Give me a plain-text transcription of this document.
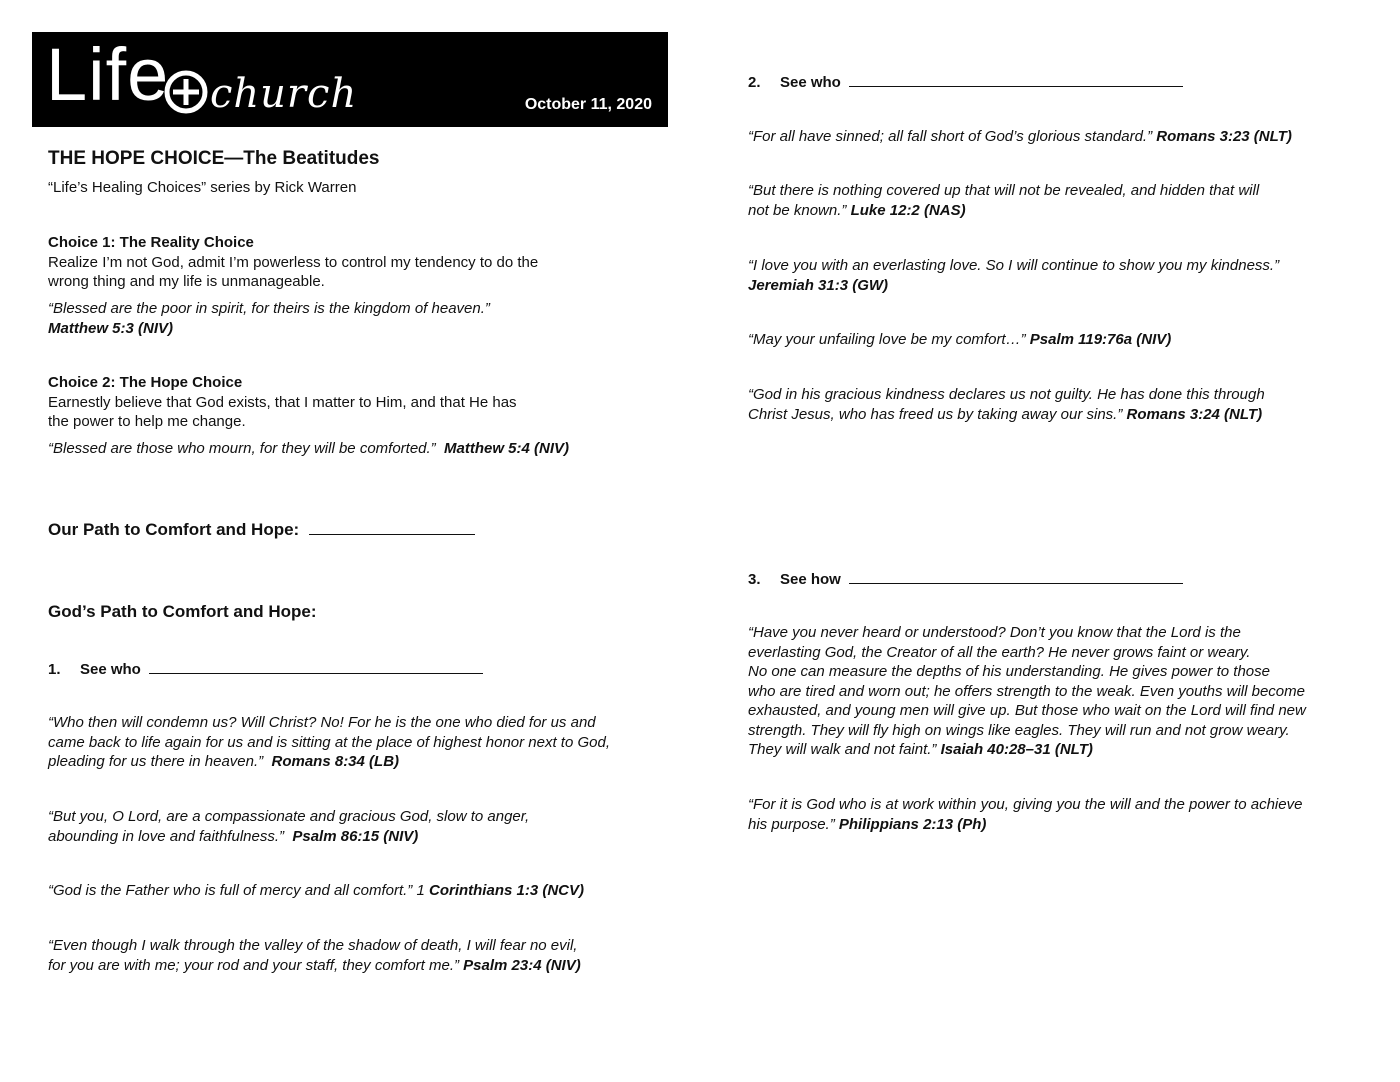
Life church	October 11, 2020
THE HOPE CHOICE—The Beatitudes
“Life’s Healing Choices” series by Rick Warren
Choice 1: The Reality Choice
Realize I’m not God, admit I’m powerless to control my tendency to do the
wrong thing and my life is unmanageable.
“Blessed are the poor in spirit, for theirs is the kingdom of heaven.”
Matthew 5:3 (NIV)
Choice 2: The Hope Choice
Earnestly believe that God exists, that I matter to Him, and that He has
the power to help me change.
“Blessed are those who mourn, for they will be comforted.” Matthew 5:4 (NIV)
Our Path to Comfort and Hope:
God’s Path to Comfort and Hope:
1. See who
“Who then will condemn us? Will Christ? No! For he is the one who died for us and
came back to life again for us and is sitting at the place of highest honor next to God,
pleading for us there in heaven.” Romans 8:34 (LB)
“But you, O Lord, are a compassionate and gracious God, slow to anger,
abounding in love and faithfulness.” Psalm 86:15 (NIV)
“God is the Father who is full of mercy and all comfort.” 1 Corinthians 1:3 (NCV)
“Even though I walk through the valley of the shadow of death, I will fear no evil,
for you are with me; your rod and your staff, they comfort me.” Psalm 23:4 (NIV)
2. See who
“For all have sinned; all fall short of God’s glorious standard.” Romans 3:23 (NLT)
“But there is nothing covered up that will not be revealed, and hidden that will
not be known.” Luke 12:2 (NAS)
“I love you with an everlasting love. So I will continue to show you my kindness.”
Jeremiah 31:3 (GW)
“May your unfailing love be my comfort…” Psalm 119:76a (NIV)
“God in his gracious kindness declares us not guilty. He has done this through
Christ Jesus, who has freed us by taking away our sins.” Romans 3:24 (NLT)
3. See how
“Have you never heard or understood? Don’t you know that the Lord is the
everlasting God, the Creator of all the earth? He never grows faint or weary.
No one can measure the depths of his understanding. He gives power to those
who are tired and worn out; he offers strength to the weak. Even youths will become
exhausted, and young men will give up. But those who wait on the Lord will find new
strength. They will fly high on wings like eagles. They will run and not grow weary.
They will walk and not faint.” Isaiah 40:28–31 (NLT)
“For it is God who is at work within you, giving you the will and the power to achieve
his purpose.” Philippians 2:13 (Ph)
